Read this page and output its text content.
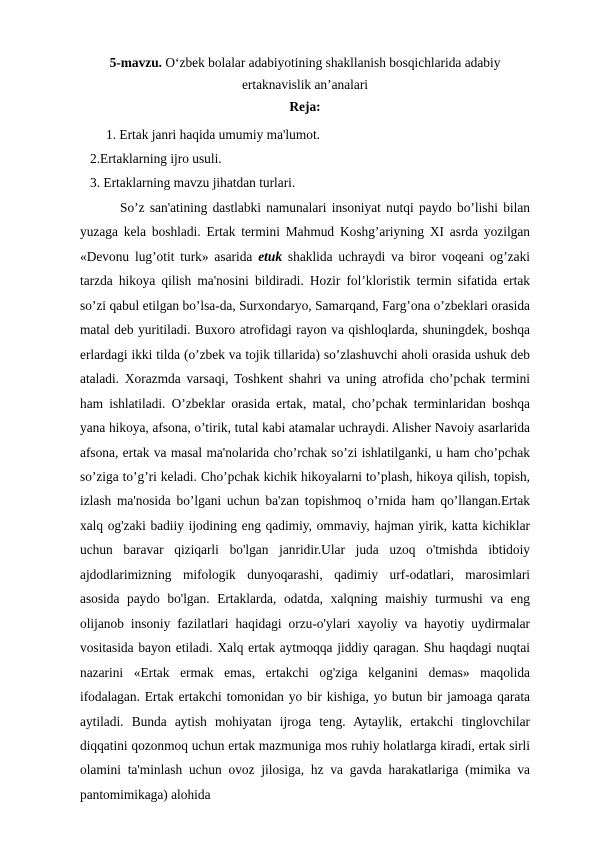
5-mavzu. O‘zbek bolalar adabiyotining shakllanish bosqichlarida adabiy
ertaknavislik an’analari
Reja:
1. Ertak janri haqida umumiy ma'lumot.
2.Ertaklarning ijro usuli.
3. Ertaklarning mavzu jihatdan turlari.

So’z san'atining dastlabki namunalari insoniyat nutqi paydo bo’lishi bilan yuzaga kela boshladi. Ertak termini Mahmud Koshg’ariyning XI asrda yozilgan «Devonu lug’otit turk» asarida etuk shaklida uchraydi va biror voqeani og’zaki tarzda hikoya qilish ma'nosini bildiradi. Hozir fol’kloristik termin sifatida ertak so’zi qabul etilgan bo’lsa-da, Surxondaryo, Samarqand, Farg’ona o’zbeklari orasida matal deb yuritiladi. Buxoro atrofidagi rayon va qishloqlarda, shuningdek, boshqa erlardagi ikki tilda (o’zbek va tojik tillarida) so’zlashuvchi aholi orasida ushuk deb ataladi. Xorazmda varsaqi, Toshkent shahri va uning atrofida cho’pchak termini ham ishlatiladi. O’zbeklar orasida ertak, matal, cho’pchak terminlaridan boshqa yana hikoya, afsona, o’tirik, tutal kabi atamalar uchraydi. Alisher Navoiy asarlarida afsona, ertak va masal ma'nolarida cho’rchak so’zi ishlatilganki, u ham cho’pchak so’ziga to’g’ri keladi. Cho’pchak kichik hikoyalarni to’plash, hikoya qilish, topish, izlash ma'nosida bo’lgani uchun ba'zan topishmoq o’rnida ham qo’llangan.Ertak xalq og'zaki badiiy ijodining eng qadimiy, ommaviy, hajman yirik, katta kichiklar uchun baravar qiziqarli bo'lgan janridir.Ular juda uzoq o'tmishda ibtidoiy ajdodlarimizning mifologik dunyoqarashi, qadimiy urf-odatlari, marosimlari asosida paydo bo'lgan. Ertaklarda, odatda, xalqning maishiy turmushi va eng olijanob insoniy fazilatlari haqidagi orzu-o'ylari xayoliy va hayotiy uydirmalar vositasida bayon etiladi. Xalq ertak aytmoqqa jiddiy qaragan. Shu haqdagi nuqtai nazarini «Ertak ermak emas, ertakchi og'ziga kelganini demas» maqolida ifodalagan. Ertak ertakchi tomonidan yo bir kishiga, yo butun bir jamoaga qarata aytiladi. Bunda aytish mohiyatan ijroga teng. Aytaylik, ertakchi tinglovchilar diqqatini qozonmoq uchun ertak mazmuniga mos ruhiy holatlarga kiradi, ertak sirli olamini ta'minlash uchun ovoz jilosiga, hz va gavda harakatlariga (mimika va pantomimikaga) alohida
